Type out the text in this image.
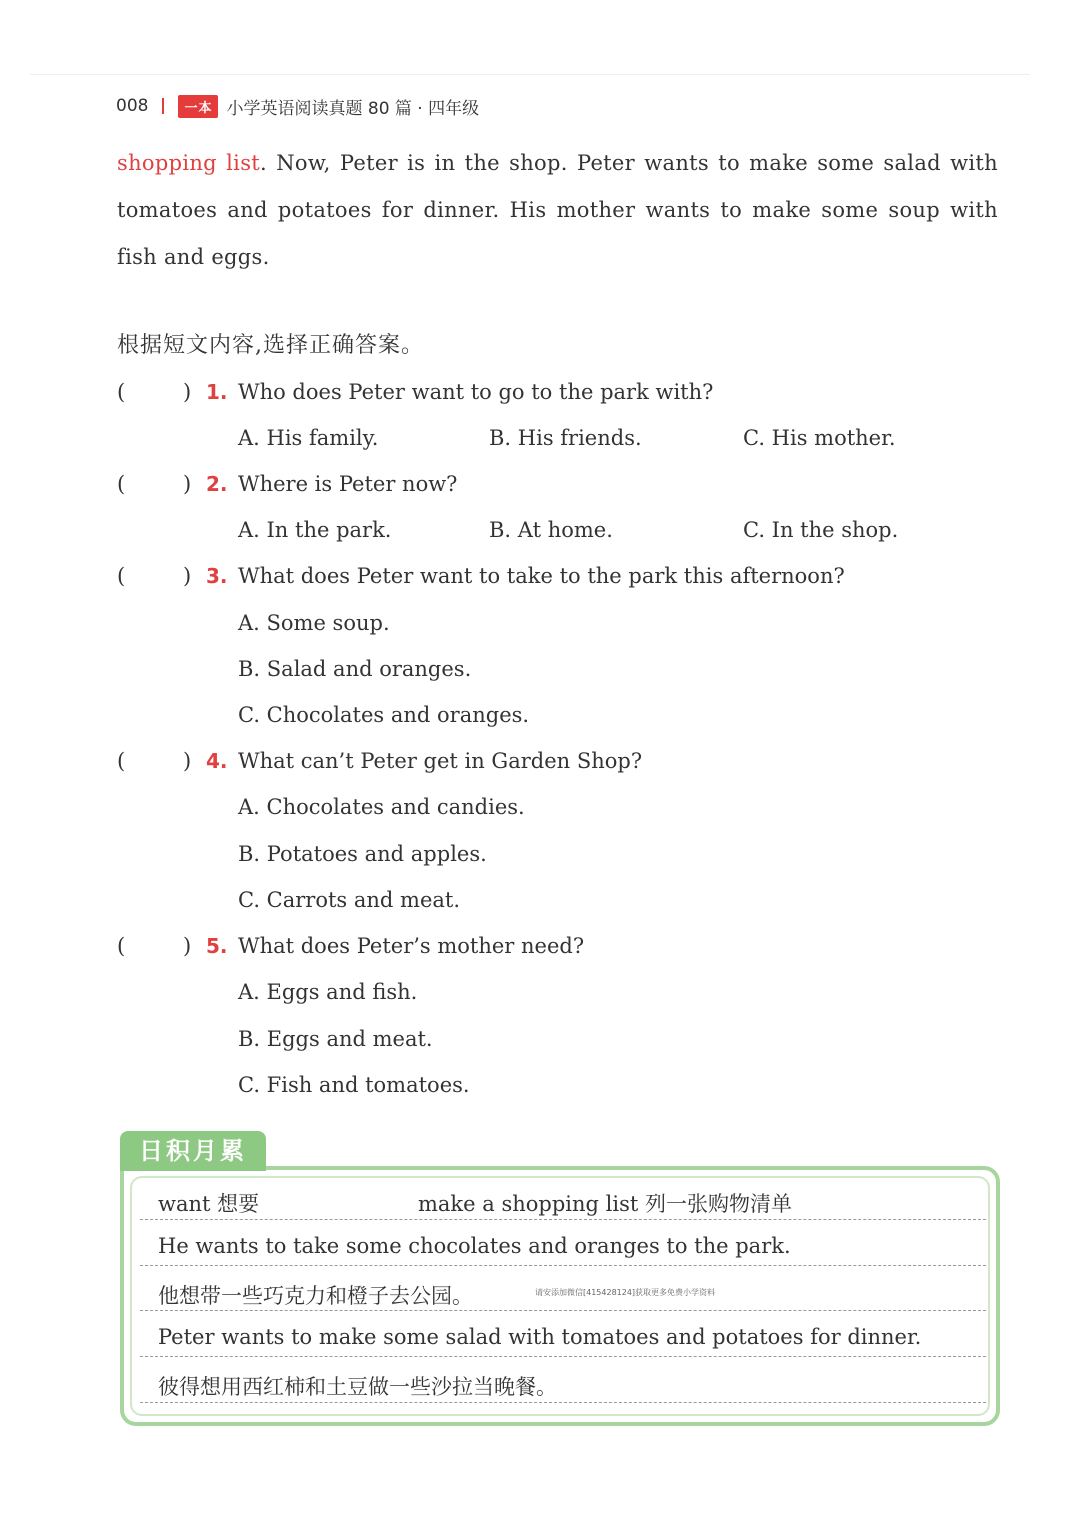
008	一本 小学英语阅读真题 80 篇 · 四年级
shopping list. Now, Peter is in the shop. Peter wants to make some salad with tomatoes and potatoes for dinner. His mother wants to make some soup with fish and eggs.
根据短文内容,选择正确答案。
(	) 1. Who does Peter want to go to the park with?
A. His family.	B. His friends.	C. His mother.
(	) 2. Where is Peter now?
A. In the park.	B. At home.	C. In the shop.
(	) 3. What does Peter want to take to the park this afternoon?
A. Some soup.
B. Salad and oranges.
C. Chocolates and oranges.
(	) 4. What can’t Peter get in Garden Shop?
A. Chocolates and candies.
B. Potatoes and apples.
C. Carrots and meat.
(	) 5. What does Peter’s mother need?
A. Eggs and fish.
B. Eggs and meat.
C. Fish and tomatoes.
日积月累
want 想要	make a shopping list 列一张购物清单
He wants to take some chocolates and oranges to the park.
他想带一些巧克力和橙子去公园。	请安添加微信[415428124]获取更多免费小学资料
Peter wants to make some salad with tomatoes and potatoes for dinner.
彼得想用西红柿和土豆做一些沙拉当晚餐。
